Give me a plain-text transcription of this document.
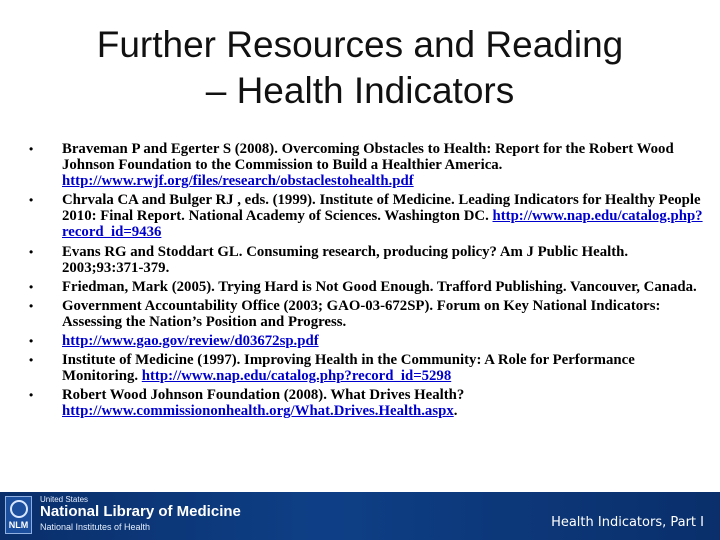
Further Resources and Reading
– Health Indicators
• Braveman P and Egerter S (2008). Overcoming Obstacles to Health: Report for the Robert Wood Johnson Foundation to the Commission to Build a Healthier America. http://www.rwjf.org/files/research/obstaclestohealth.pdf
• Chrvala CA and Bulger RJ , eds. (1999). Institute of Medicine. Leading Indicators for Healthy People 2010: Final Report. National Academy of Sciences. Washington DC. http://www.nap.edu/catalog.php?record_id=9436
• Evans RG and Stoddart GL. Consuming research, producing policy? Am J Public Health. 2003;93:371-379.
• Friedman, Mark (2005). Trying Hard is Not Good Enough. Trafford Publishing. Vancouver, Canada.
• Government Accountability Office (2003; GAO-03-672SP). Forum on Key National Indicators: Assessing the Nation’s Position and Progress.
• http://www.gao.gov/review/d03672sp.pdf
• Institute of Medicine (1997). Improving Health in the Community: A Role for Performance Monitoring. http://www.nap.edu/catalog.php?record_id=5298
• Robert Wood Johnson Foundation (2008). What Drives Health? http://www.commissiononhealth.org/What.Drives.Health.aspx.
NLM
United States
National Library of Medicine
National Institutes of Health	Health Indicators, Part I
